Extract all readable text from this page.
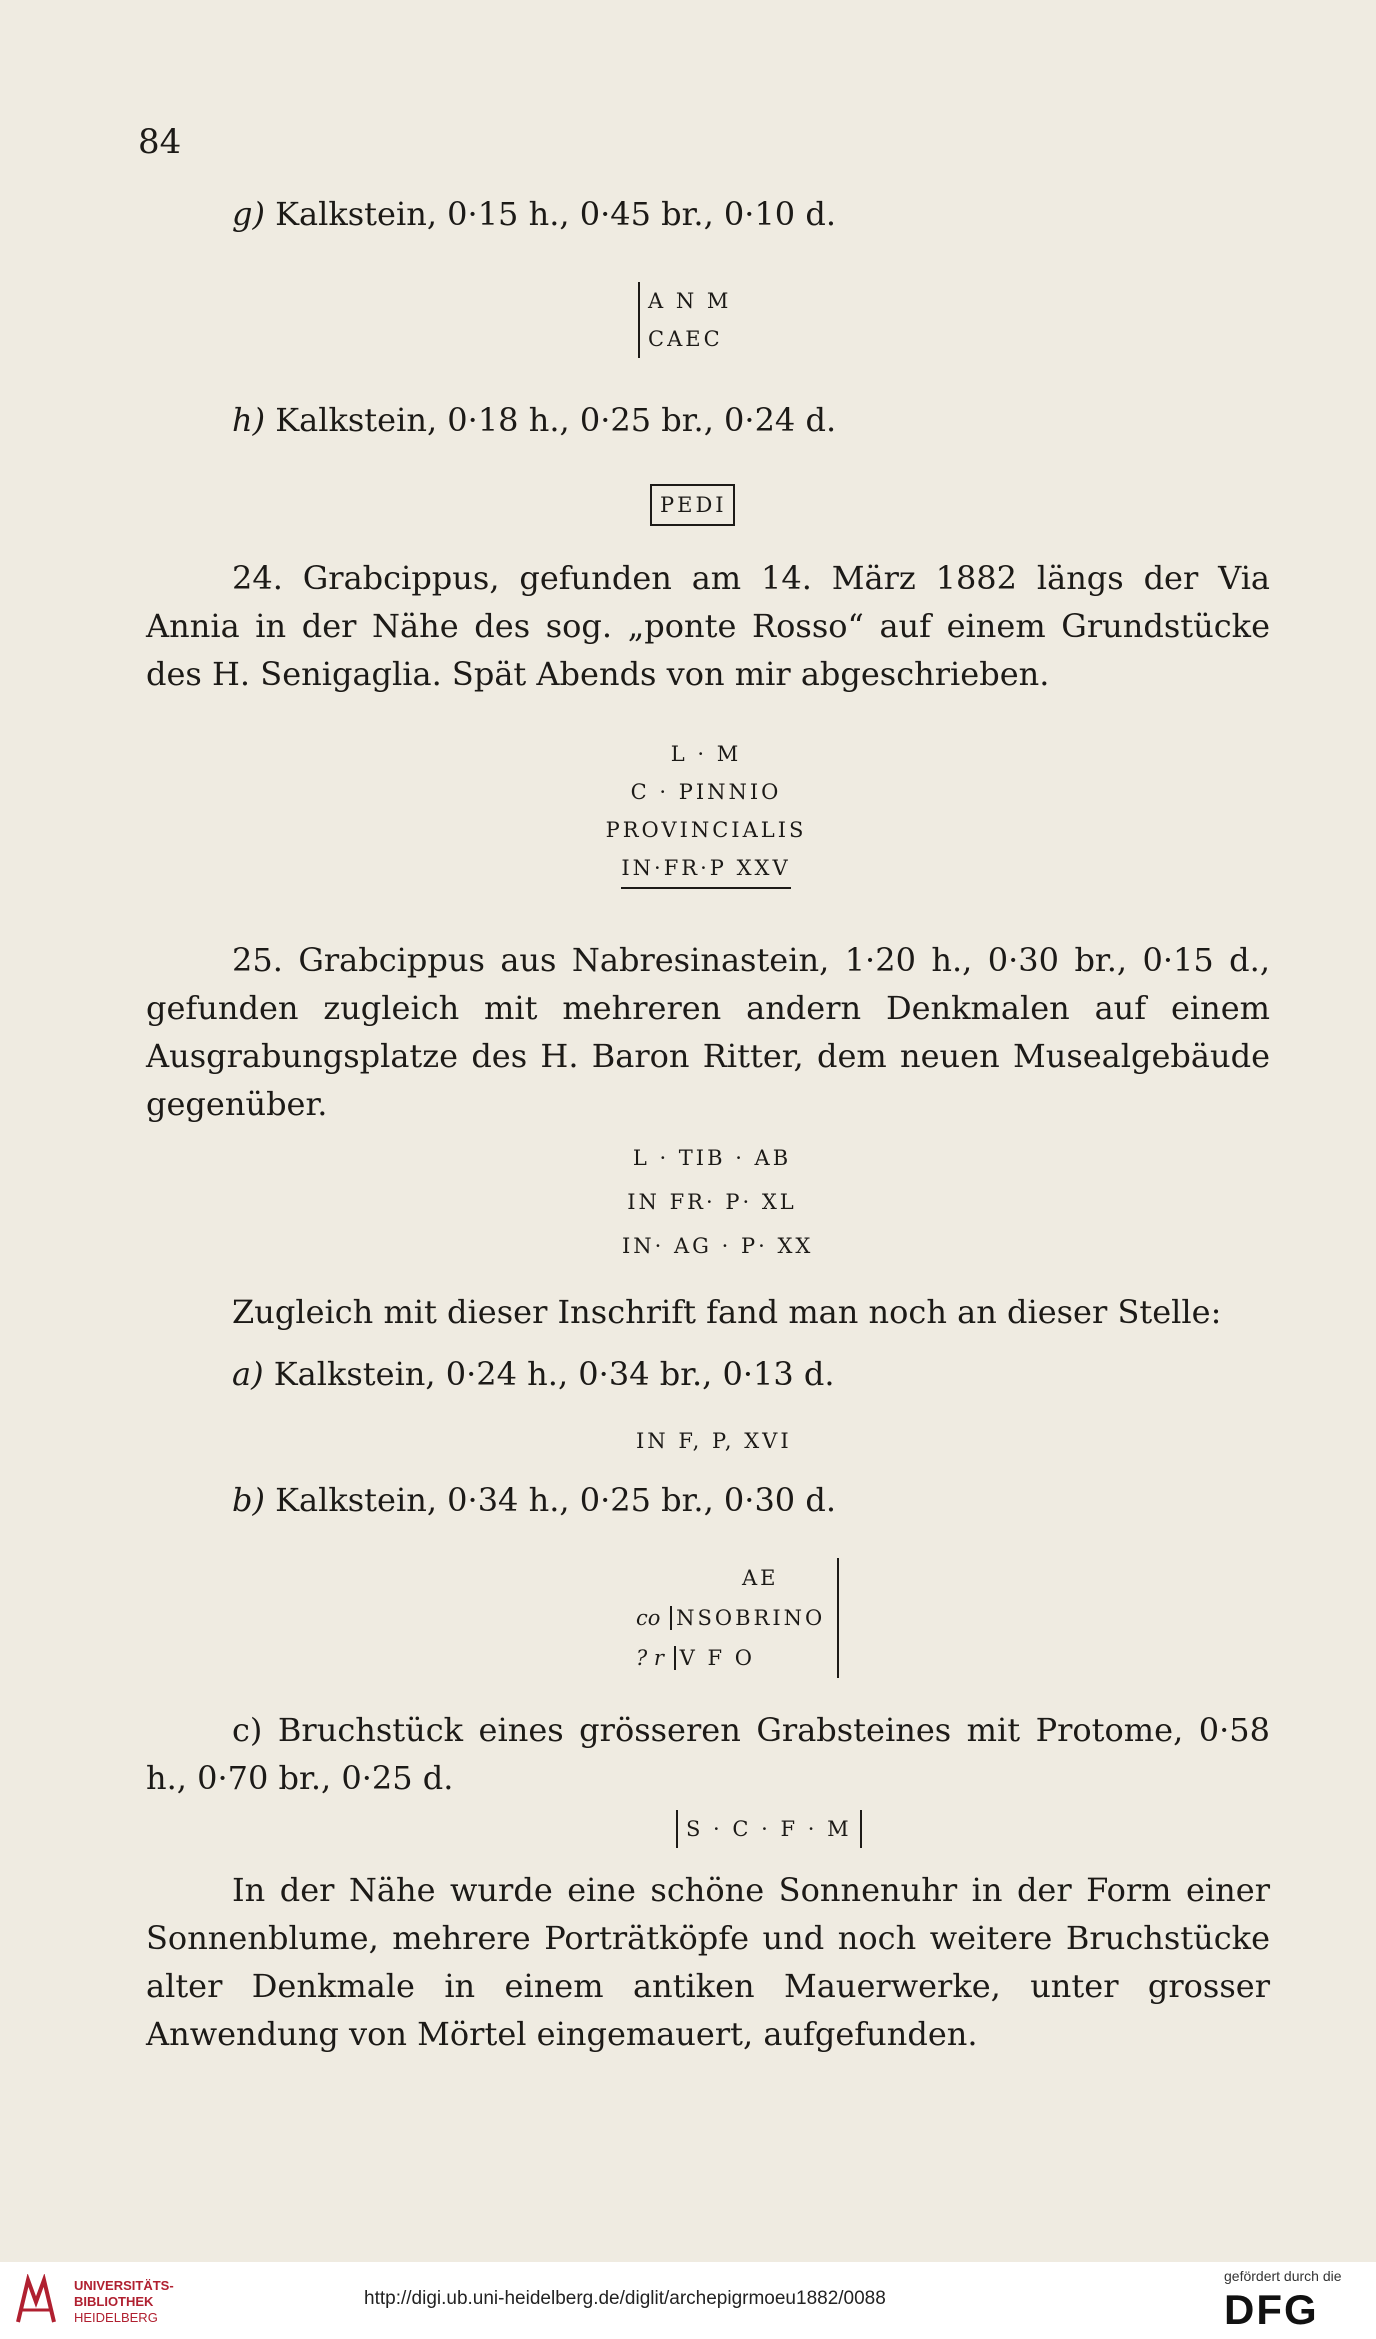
84
g) Kalkstein, 0·15 h., 0·45 br., 0·10 d.
A N M
CAEC
h) Kalkstein, 0·18 h., 0·25 br., 0·24 d.
PEDI
24. Grabcippus, gefunden am 14. März 1882 längs der Via Annia in der Nähe des sog. „ponte Rosso“ auf einem Grundstücke des H. Senigaglia. Spät Abends von mir abgeschrieben.
L · M
C · PINNIO
PROVINCIALIS
IN·FR·P XXV
25. Grabcippus aus Nabresinastein, 1·20 h., 0·30 br., 0·15 d., gefunden zugleich mit mehreren andern Denkmalen auf einem Ausgrabungsplatze des H. Baron Ritter, dem neuen Musealgebäude gegenüber.
L · TIB · AB
IN FR· P· XL
IN· AG · P· XX
Zugleich mit dieser Inschrift fand man noch an dieser Stelle:
a) Kalkstein, 0·24 h., 0·34 br., 0·13 d.
IN F, P, XVI
b) Kalkstein, 0·34 h., 0·25 br., 0·30 d.
AE
co NSOBRINO
? r V F O
c) Bruchstück eines grösseren Grabsteines mit Protome, 0·58 h., 0·70 br., 0·25 d.
S · C · F · M
In der Nähe wurde eine schöne Sonnenuhr in der Form einer Sonnenblume, mehrere Porträtköpfe und noch weitere Bruchstücke alter Denkmale in einem antiken Mauerwerke, unter grosser Anwendung von Mörtel eingemauert, aufgefunden.
UNIVERSITÄTS-
BIBLIOTHEK
HEIDELBERG
http://digi.ub.uni-heidelberg.de/diglit/archepigrmoeu1882/0088
gefördert durch die
DFG
